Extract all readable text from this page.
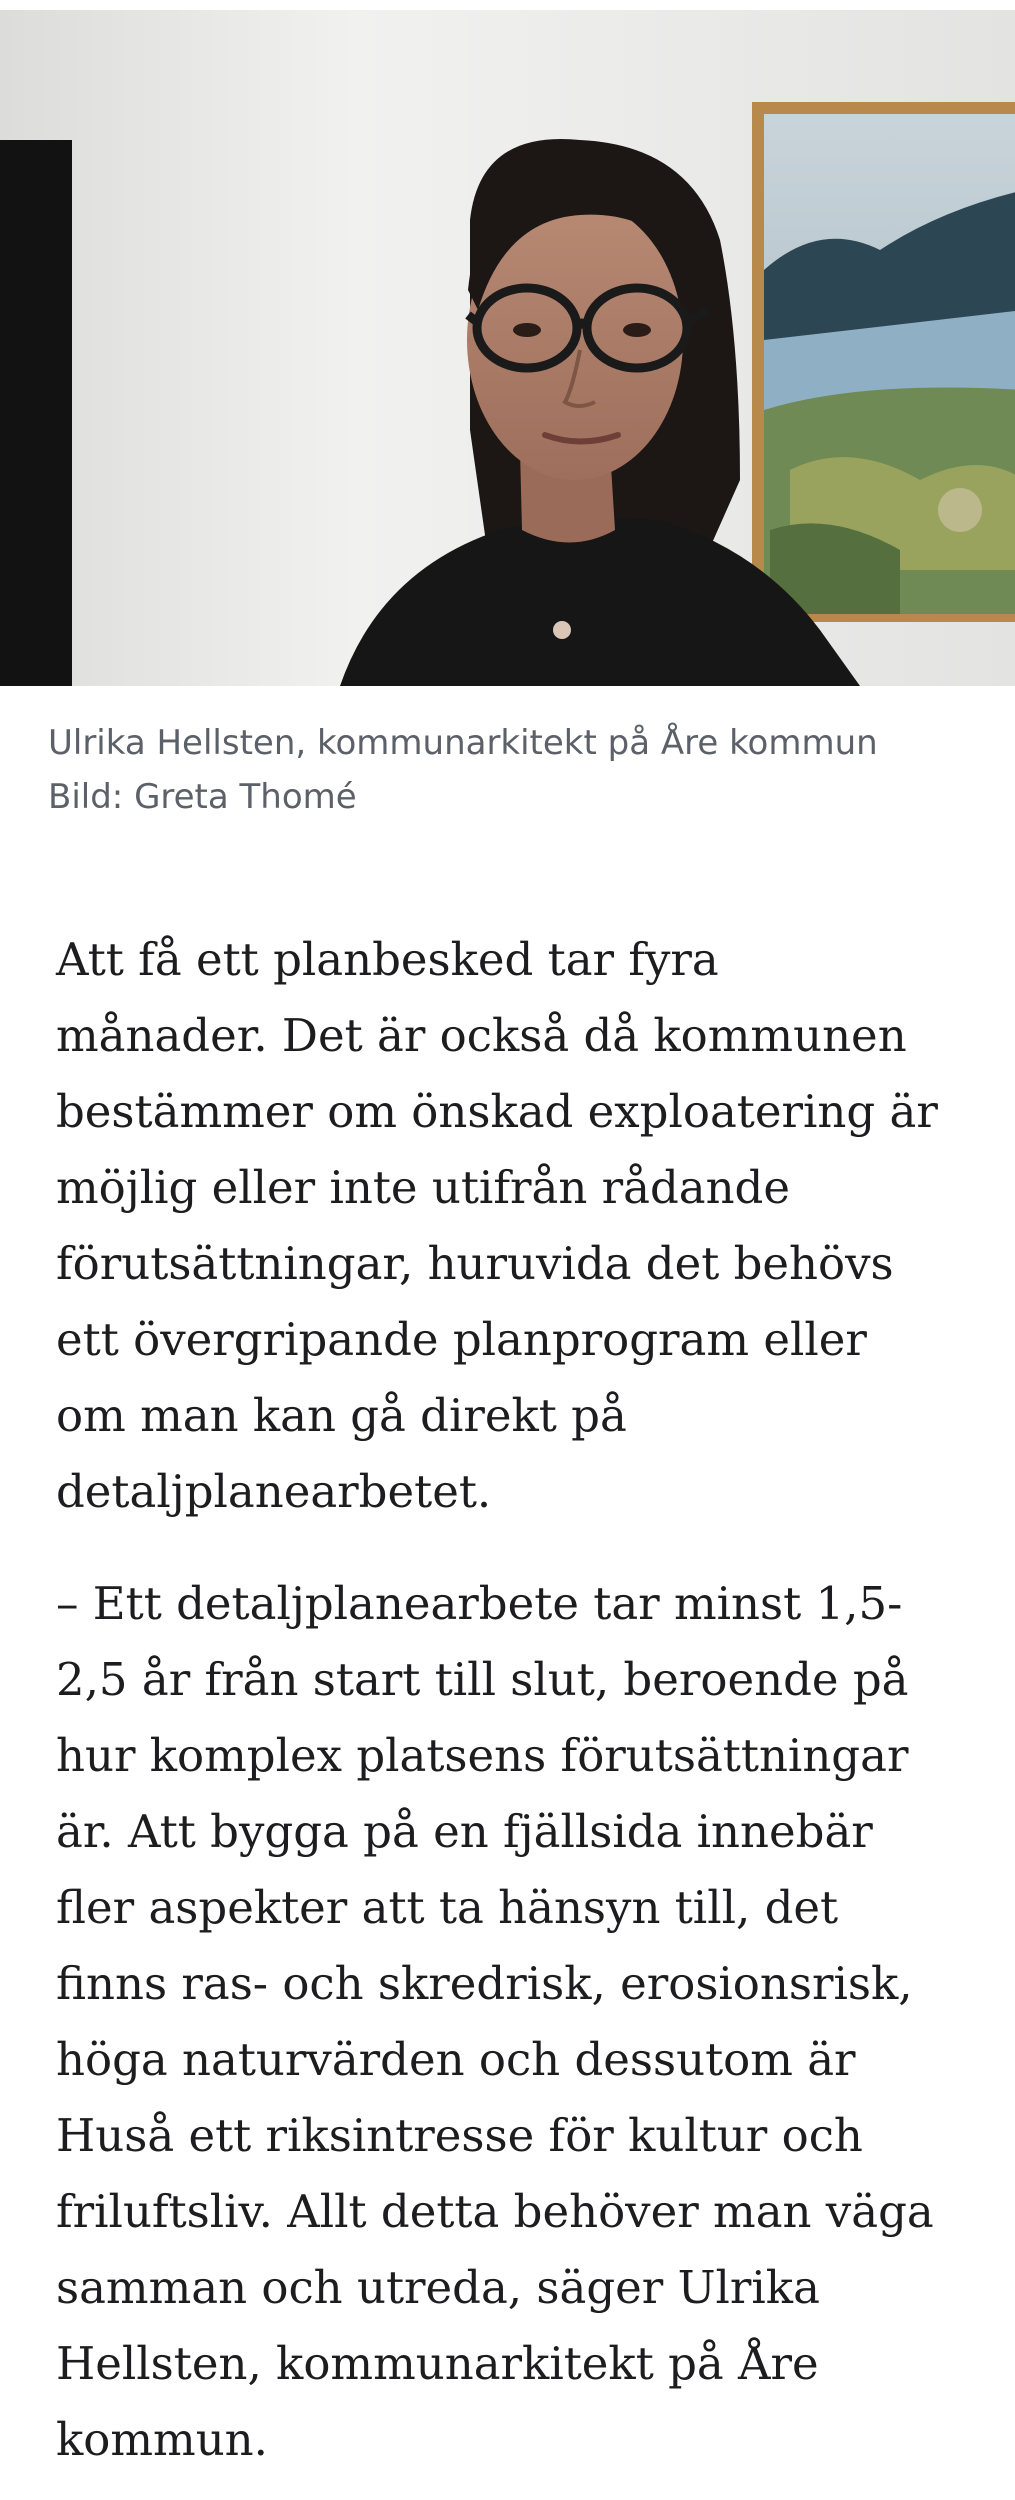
Ulrika Hellsten, kommunarkitekt på Åre kommun
Bild: Greta Thomé

Att få ett planbesked tar fyra
månader. Det är också då kommunen
bestämmer om önskad exploatering är
möjlig eller inte utifrån rådande
förutsättningar, huruvida det behövs
ett övergripande planprogram eller
om man kan gå direkt på
detaljplanearbetet.

– Ett detaljplanearbete tar minst 1,5-
2,5 år från start till slut, beroende på
hur komplex platsens förutsättningar
är. Att bygga på en fjällsida innebär
fler aspekter att ta hänsyn till, det
finns ras- och skredrisk, erosionsrisk,
höga naturvärden och dessutom är
Huså ett riksintresse för kultur och
friluftsliv. Allt detta behöver man väga
samman och utreda, säger Ulrika
Hellsten, kommunarkitekt på Åre
kommun.
